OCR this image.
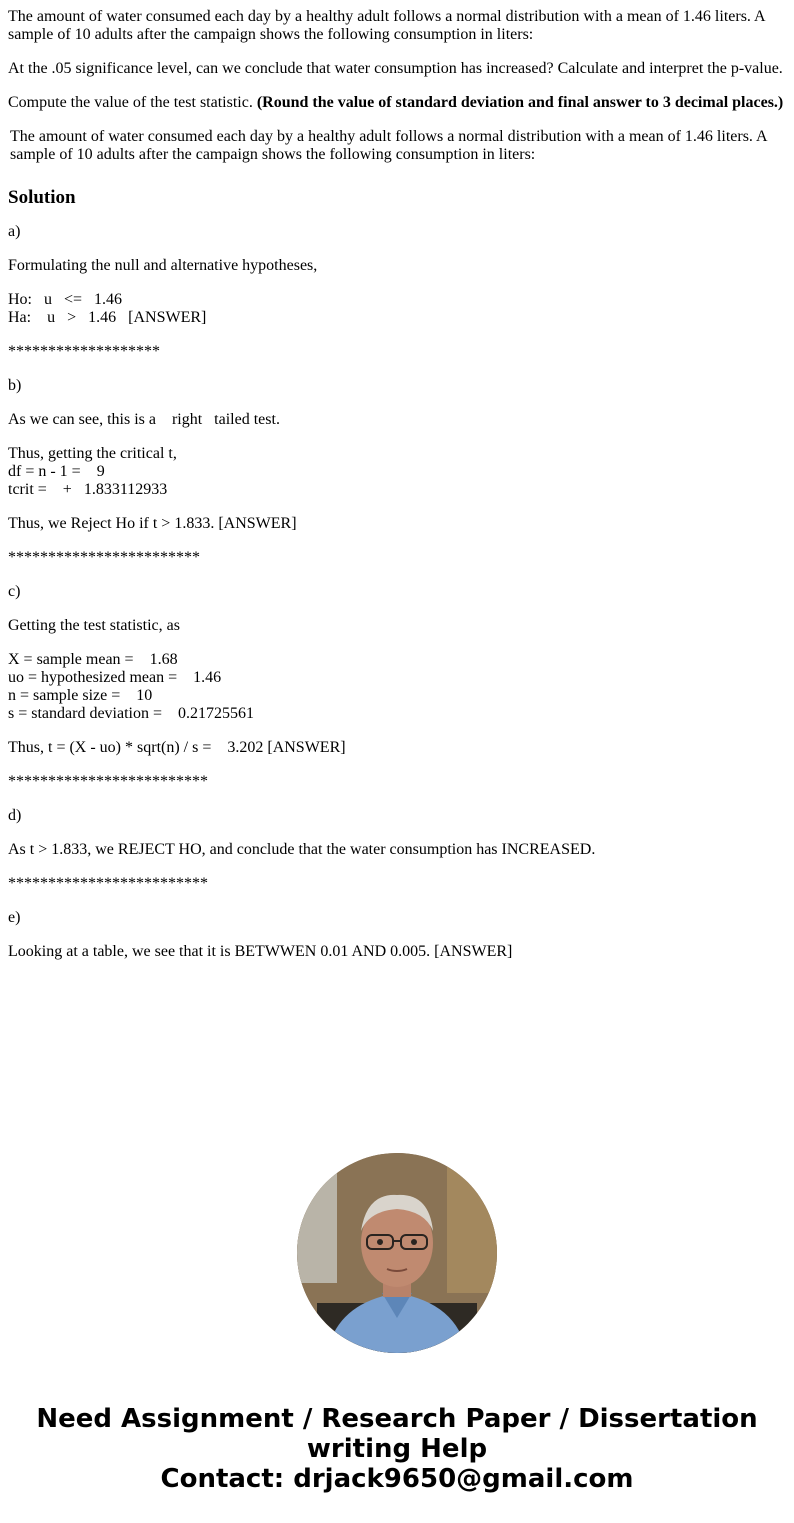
The amount of water consumed each day by a healthy adult follows a normal distribution with a mean of 1.46 liters. A sample of 10 adults after the campaign shows the following consumption in liters:

At the .05 significance level, can we conclude that water consumption has increased? Calculate and interpret the p-value.

Compute the value of the test statistic. (Round the value of standard deviation and final answer to 3 decimal places.)

The amount of water consumed each day by a healthy adult follows a normal distribution with a mean of 1.46 liters. A sample of 10 adults after the campaign shows the following consumption in liters:

Solution
a)
Formulating the null and alternative hypotheses,
Ho:   u   <=   1.46
Ha:    u   >   1.46   [ANSWER]
*******************
b)
As we can see, this is a    right   tailed test.
Thus, getting the critical t,
df = n - 1 =    9
tcrit =    +   1.833112933
Thus, we Reject Ho if t > 1.833. [ANSWER]
************************
c)
Getting the test statistic, as
X = sample mean =    1.68
uo = hypothesized mean =    1.46
n = sample size =    10
s = standard deviation =    0.21725561
Thus, t = (X - uo) * sqrt(n) / s =    3.202 [ANSWER]
*************************
d)
As t > 1.833, we REJECT HO, and conclude that the water consumption has INCREASED.
*************************
e)
Looking at a table, we see that it is BETWWEN 0.01 AND 0.005. [ANSWER]
Need Assignment / Research Paper / Dissertation
writing Help
Contact: drjack9650@gmail.com
